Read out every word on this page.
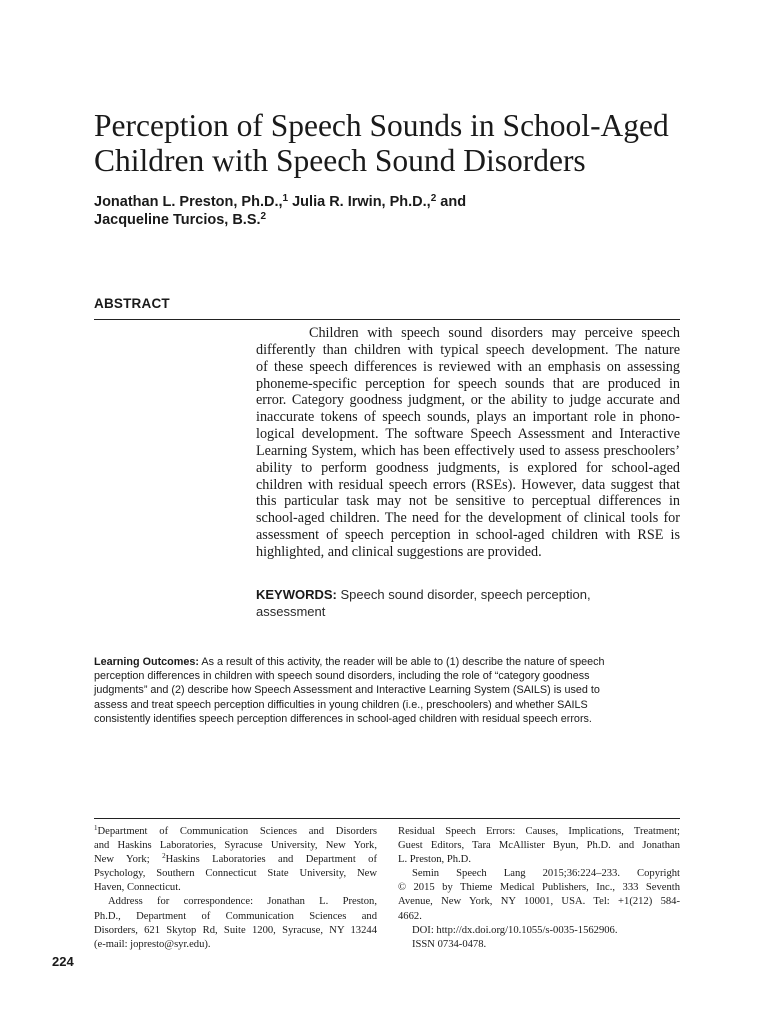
Perception of Speech Sounds in School-Aged
Children with Speech Sound Disorders
Jonathan L. Preston, Ph.D.,$^1$ Julia R. Irwin, Ph.D.,$^2$ and
Jacqueline Turcios, B.S.$^2$
ABSTRACT
Children with speech sound disorders may perceive speech
differently than children with typical speech development. The nature
of these speech differences is reviewed with an emphasis on assessing
phoneme-specific perception for speech sounds that are produced in
error. Category goodness judgment, or the ability to judge accurate and
inaccurate tokens of speech sounds, plays an important role in phono-
logical development. The software Speech Assessment and Interactive
Learning System, which has been effectively used to assess preschoolers’
ability to perform goodness judgments, is explored for school-aged
children with residual speech errors (RSEs). However, data suggest that
this particular task may not be sensitive to perceptual differences in
school-aged children. The need for the development of clinical tools for
assessment of speech perception in school-aged children with RSE is
highlighted, and clinical suggestions are provided.
KEYWORDS: Speech sound disorder, speech perception,
assessment
Learning Outcomes: As a result of this activity, the reader will be able to (1) describe the nature of speech
perception differences in children with speech sound disorders, including the role of “category goodness
judgments” and (2) describe how Speech Assessment and Interactive Learning System (SAILS) is used to
assess and treat speech perception difficulties in young children (i.e., preschoolers) and whether SAILS
consistently identifies speech perception differences in school-aged children with residual speech errors.
$^1$Department of Communication Sciences and Disorders
and Haskins Laboratories, Syracuse University, New York,
New York; $^2$Haskins Laboratories and Department of
Psychology, Southern Connecticut State University, New
Haven, Connecticut.
Address for correspondence: Jonathan L. Preston,
Ph.D., Department of Communication Sciences and
Disorders, 621 Skytop Rd, Suite 1200, Syracuse, NY 13244
(e-mail: jopresto@syr.edu).
Residual Speech Errors: Causes, Implications, Treatment;
Guest Editors, Tara McAllister Byun, Ph.D. and Jonathan
L. Preston, Ph.D.
Semin Speech Lang 2015;36:224–233. Copyright
© 2015 by Thieme Medical Publishers, Inc., 333 Seventh
Avenue, New York, NY 10001, USA. Tel: +1(212) 584-
4662.
DOI: http://dx.doi.org/10.1055/s-0035-1562906.
ISSN 0734-0478.
224
